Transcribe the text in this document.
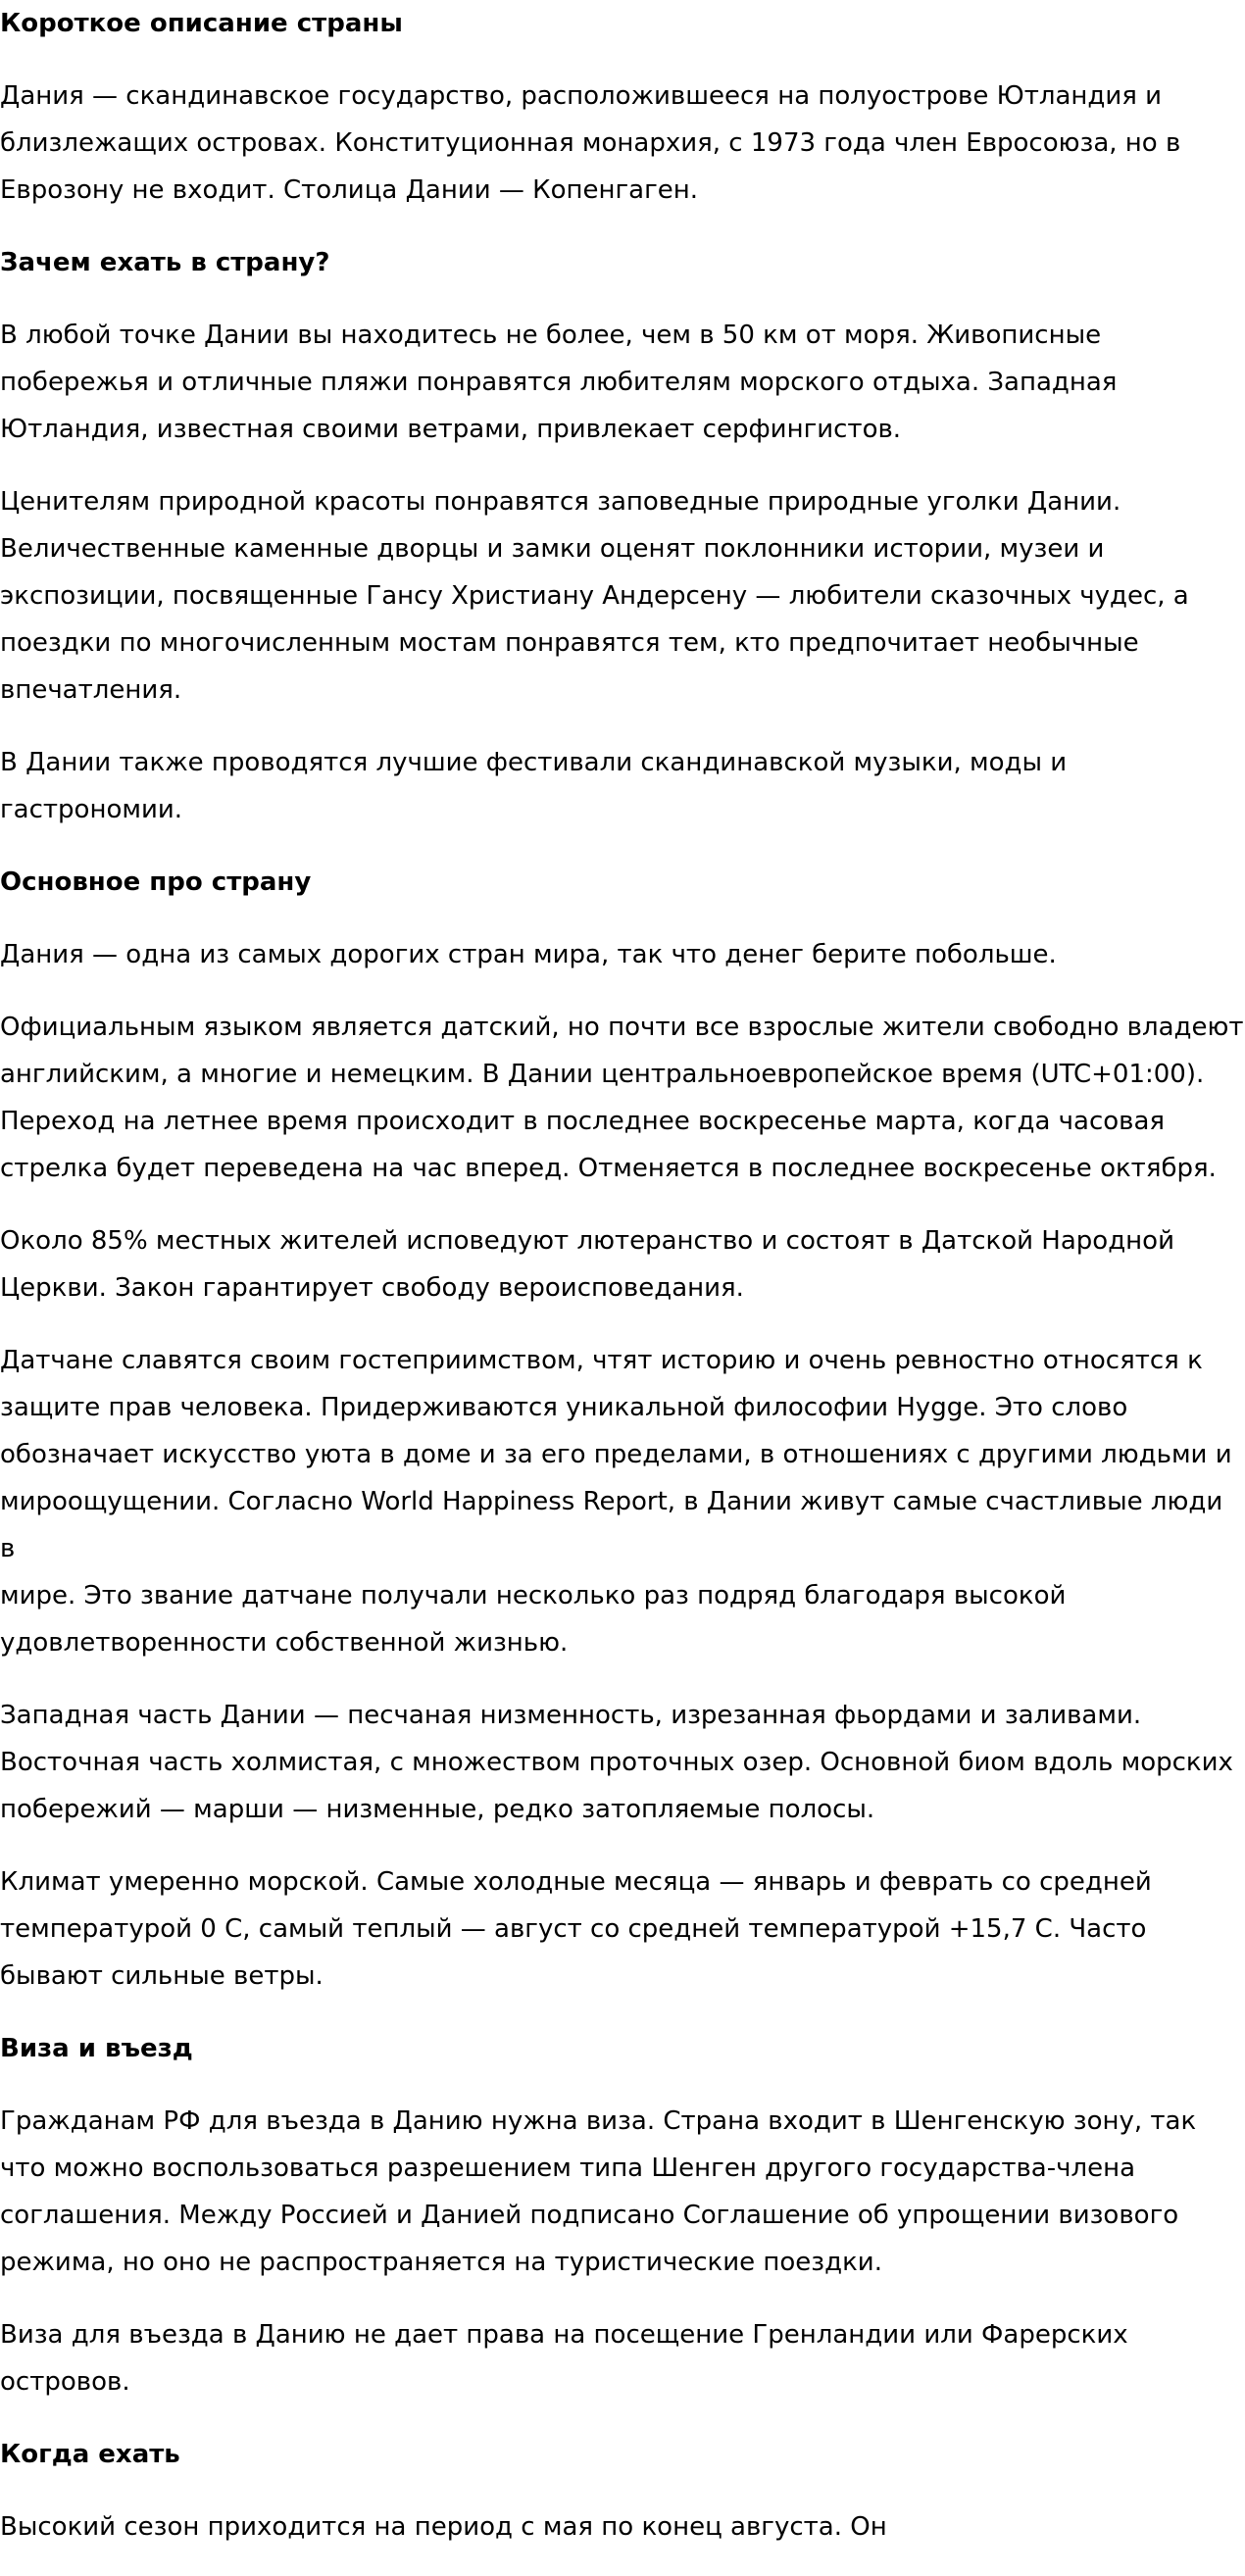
Короткое описание страны

Дания — скандинавское государство, расположившееся на полуострове Ютландия и
близлежащих островах. Конституционная монархия, с 1973 года член Евросоюза, но в
Еврозону не входит. Столица Дании — Копенгаген.

Зачем ехать в страну?

В любой точке Дании вы находитесь не более, чем в 50 км от моря. Живописные
побережья и отличные пляжи понравятся любителям морского отдыха. Западная
Ютландия, известная своими ветрами, привлекает серфингистов.

Ценителям природной красоты понравятся заповедные природные уголки Дании.
Величественные каменные дворцы и замки оценят поклонники истории, музеи и
экспозиции, посвященные Гансу Христиану Андерсену — любители сказочных чудес, а
поездки по многочисленным мостам понравятся тем, кто предпочитает необычные
впечатления.

В Дании также проводятся лучшие фестивали скандинавской музыки, моды и
гастрономии.

Основное про страну

Дания — одна из самых дорогих стран мира, так что денег берите побольше.

Официальным языком является датский, но почти все взрослые жители свободно владеют
английским, а многие и немецким. В Дании центральноевропейское время (UTC+01:00).
Переход на летнее время происходит в последнее воскресенье марта, когда часовая
стрелка будет переведена на час вперед. Отменяется в последнее воскресенье октября.

Около 85% местных жителей исповедуют лютеранство и состоят в Датской Народной
Церкви. Закон гарантирует свободу вероисповедания.

Датчане славятся своим гостеприимством, чтят историю и очень ревностно относятся к
защите прав человека. Придерживаются уникальной философии Hygge. Это слово
обозначает искусство уюта в доме и за его пределами, в отношениях с другими людьми и
мироощущении. Согласно World Happiness Report, в Дании живут самые счастливые люди в
мире. Это звание датчане получали несколько раз подряд благодаря высокой
удовлетворенности собственной жизнью.

Западная часть Дании — песчаная низменность, изрезанная фьордами и заливами.
Восточная часть холмистая, с множеством проточных озер. Основной биом вдоль морских
побережий — марши — низменные, редко затопляемые полосы.

Климат умеренно морской. Самые холодные месяца — январь и феврать со средней
температурой 0 С, самый теплый — август со средней температурой +15,7 С. Часто
бывают сильные ветры.

Виза и въезд

Гражданам РФ для въезда в Данию нужна виза. Страна входит в Шенгенскую зону, так
что можно воспользоваться разрешением типа Шенген другого государства-члена
соглашения. Между Россией и Данией подписано Соглашение об упрощении визового
режима, но оно не распространяется на туристические поездки.

Виза для въезда в Данию не дает права на посещение Гренландии или Фарерских
островов.

Когда ехать

Высокий сезон приходится на период с мая по конец августа. Он
